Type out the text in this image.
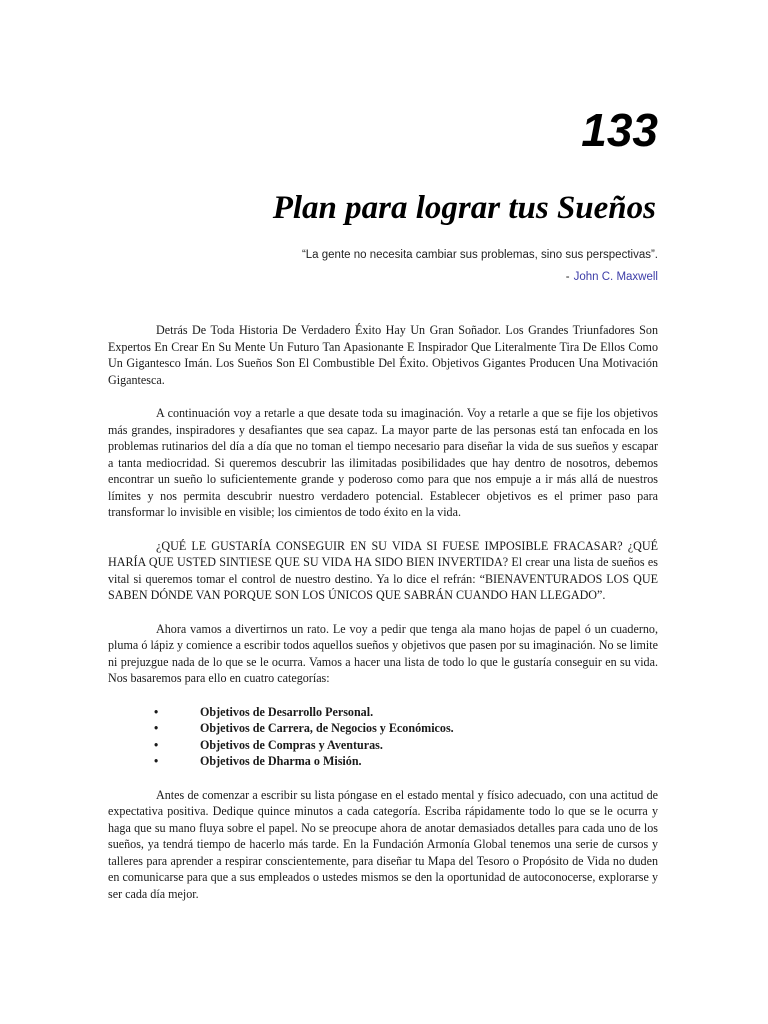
133
Plan para lograr tus Sueños
“La gente no necesita cambiar sus problemas, sino sus perspectivas”.
- John C. Maxwell

Detrás De Toda Historia De Verdadero Éxito Hay Un Gran Soñador. Los Grandes Triunfadores Son Expertos En Crear En Su Mente Un Futuro Tan Apasionante E Inspirador Que Literalmente Tira De Ellos Como Un Gigantesco Imán. Los Sueños Son El Combustible Del Éxito. Objetivos Gigantes Producen Una Motivación Gigantesca.

A continuación voy a retarle a que desate toda su imaginación. Voy a retarle a que se fije los objetivos más grandes, inspiradores y desafiantes que sea capaz. La mayor parte de las personas está tan enfocada en los problemas rutinarios del día a día que no toman el tiempo necesario para diseñar la vida de sus sueños y escapar a tanta mediocridad. Si queremos descubrir las ilimitadas posibilidades que hay dentro de nosotros, debemos encontrar un sueño lo suficientemente grande y poderoso como para que nos empuje a ir más allá de nuestros límites y nos permita descubrir nuestro verdadero potencial. Establecer objetivos es el primer paso para transformar lo invisible en visible; los cimientos de todo éxito en la vida.

¿QUÉ LE GUSTARÍA CONSEGUIR EN SU VIDA SI FUESE IMPOSIBLE FRACASAR? ¿QUÉ HARÍA QUE USTED SINTIESE QUE SU VIDA HA SIDO BIEN INVERTIDA? El crear una lista de sueños es vital si queremos tomar el control de nuestro destino. Ya lo dice el refrán: “BIENAVENTURADOS LOS QUE SABEN DÓNDE VAN PORQUE SON LOS ÚNICOS QUE SABRÁN CUANDO HAN LLEGADO”.

Ahora vamos a divertirnos un rato. Le voy a pedir que tenga ala mano hojas de papel ó un cuaderno, pluma ó lápiz y comience a escribir todos aquellos sueños y objetivos que pasen por su imaginación. No se limite ni prejuzgue nada de lo que se le ocurra. Vamos a hacer una lista de todo lo que le gustaría conseguir en su vida. Nos basaremos para ello en cuatro categorías:

•	Objetivos de Desarrollo Personal.
•	Objetivos de Carrera, de Negocios y Económicos.
•	Objetivos de Compras y Aventuras.
•	Objetivos de Dharma o Misión.

Antes de comenzar a escribir su lista póngase en el estado mental y físico adecuado, con una actitud de expectativa positiva. Dedique quince minutos a cada categoría. Escriba rápidamente todo lo que se le ocurra y haga que su mano fluya sobre el papel. No se preocupe ahora de anotar demasiados detalles para cada uno de los sueños, ya tendrá tiempo de hacerlo más tarde. En la Fundación Armonía Global tenemos una serie de cursos y talleres para aprender a respirar conscientemente, para diseñar tu Mapa del Tesoro o Propósito de Vida no duden en comunicarse para que a sus empleados o ustedes mismos se den la oportunidad de autoconocerse, explorarse y ser cada día mejor.
